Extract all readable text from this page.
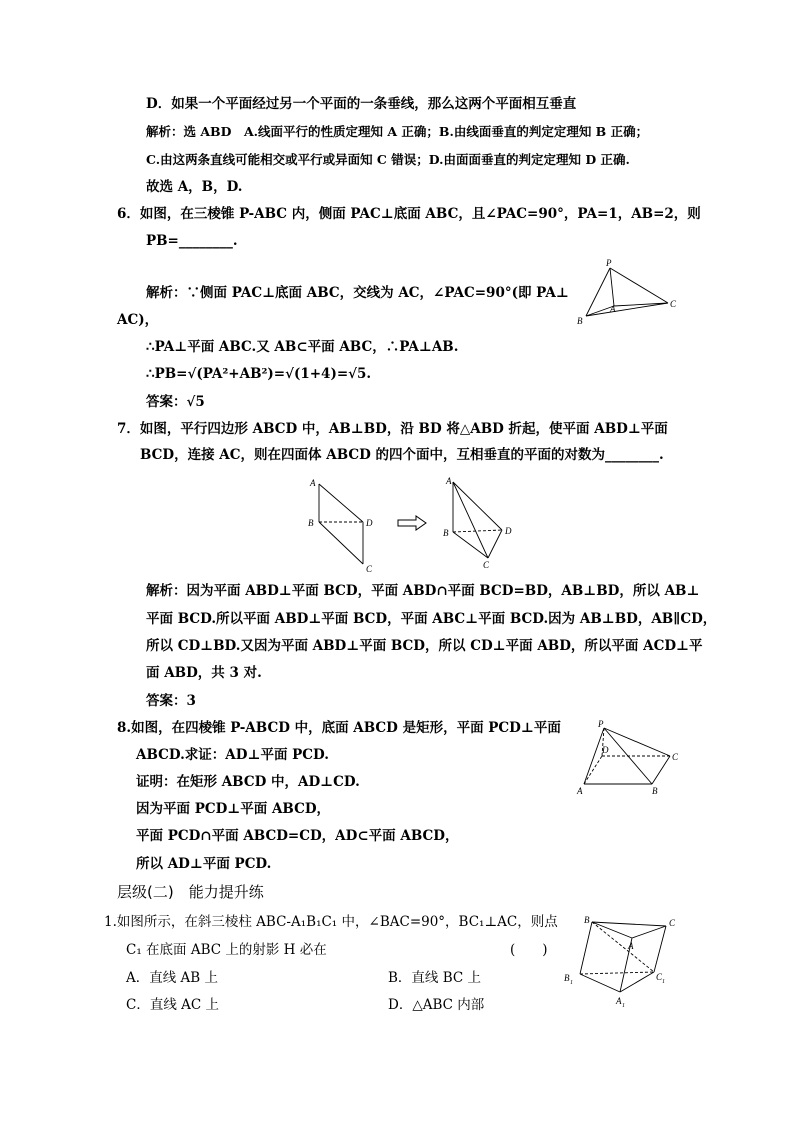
D．如果一个平面经过另一个平面的一条垂线，那么这两个平面相互垂直
解析：选 ABD　A.线面平行的性质定理知 A 正确；B.由线面垂直的判定定理知 B 正确；
C.由这两条直线可能相交或平行或异面知 C 错误；D.由面面垂直的判定定理知 D 正确.
故选 A，B，D.
6．如图，在三棱锥 P-ABC 内，侧面 PAC⊥底面 ABC，且∠PAC=90°，PA=1，AB=2，则
PB=________.
解析：∵侧面 PAC⊥底面 ABC，交线为 AC，∠PAC=90°(即 PA⊥
AC)，
∴PA⊥平面 ABC.又 AB⊂平面 ABC，∴PA⊥AB.
∴PB=√(PA²+AB²)=√(1+4)=√5.
答案：√5
7．如图，平行四边形 ABCD 中，AB⊥BD，沿 BD 将△ABD 折起，使平面 ABD⊥平面
BCD，连接 AC，则在四面体 ABCD 的四个面中，互相垂直的平面的对数为________.
解析：因为平面 ABD⊥平面 BCD，平面 ABD∩平面 BCD=BD，AB⊥BD，所以 AB⊥
平面 BCD.所以平面 ABD⊥平面 BCD，平面 ABC⊥平面 BCD.因为 AB⊥BD，AB∥CD，
所以 CD⊥BD.又因为平面 ABD⊥平面 BCD，所以 CD⊥平面 ABD，所以平面 ACD⊥平
面 ABD，共 3 对.
答案：3
8.如图，在四棱锥 P-ABCD 中，底面 ABCD 是矩形，平面 PCD⊥平面
ABCD.求证：AD⊥平面 PCD.
证明：在矩形 ABCD 中，AD⊥CD.
因为平面 PCD⊥平面 ABCD，
平面 PCD∩平面 ABCD=CD，AD⊂平面 ABCD，
所以 AD⊥平面 PCD.
层级(二)　能力提升练
1.如图所示，在斜三棱柱 ABC-A₁B₁C₁ 中，∠BAC=90°，BC₁⊥AC，则点
C₁ 在底面 ABC 上的射影 H 必在	(　　)
A．直线 AB 上	B．直线 BC 上
C．直线 AC 上	D．△ABC 内部
P
A
B
C
A
B	D
C
A
B	D
C
P
D
C
A	B
B	C
A
B 1
C 1
A 1
